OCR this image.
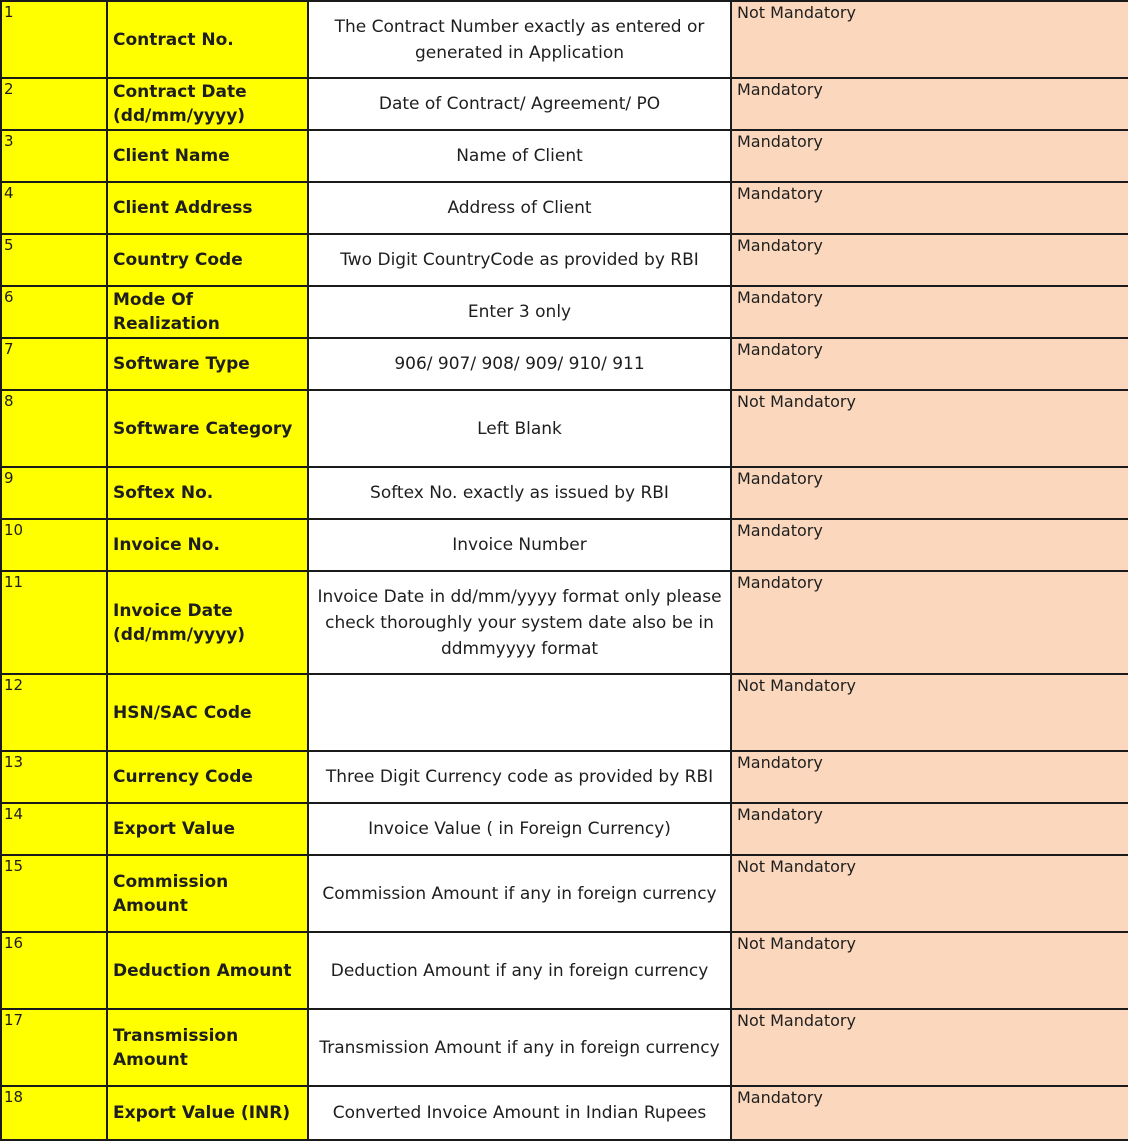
1	Contract No.	The Contract Number exactly as entered or generated in Application	Not Mandatory
2	Contract Date (dd/mm/yyyy)	Date of Contract/ Agreement/ PO	Mandatory
3	Client Name	Name of Client	Mandatory
4	Client Address	Address of Client	Mandatory
5	Country Code	Two Digit CountryCode as provided by RBI	Mandatory
6	Mode Of Realization	Enter 3 only	Mandatory
7	Software Type	906/ 907/ 908/ 909/ 910/ 911	Mandatory
8	Software Category	Left Blank	Not Mandatory
9	Softex No.	Softex No. exactly as issued by RBI	Mandatory
10	Invoice No.	Invoice Number	Mandatory
11	Invoice Date (dd/mm/yyyy)	Invoice Date in dd/mm/yyyy format only please check thoroughly your system date also be in ddmmyyyy format	Mandatory
12	HSN/SAC Code		Not Mandatory
13	Currency Code	Three Digit Currency code as provided by RBI	Mandatory
14	Export Value	Invoice Value ( in Foreign Currency)	Mandatory
15	Commission Amount	Commission Amount if any in foreign currency	Not Mandatory
16	Deduction Amount	Deduction Amount if any in foreign currency	Not Mandatory
17	Transmission Amount	Transmission Amount if any in foreign currency	Not Mandatory
18	Export Value (INR)	Converted Invoice Amount in Indian Rupees	Mandatory
